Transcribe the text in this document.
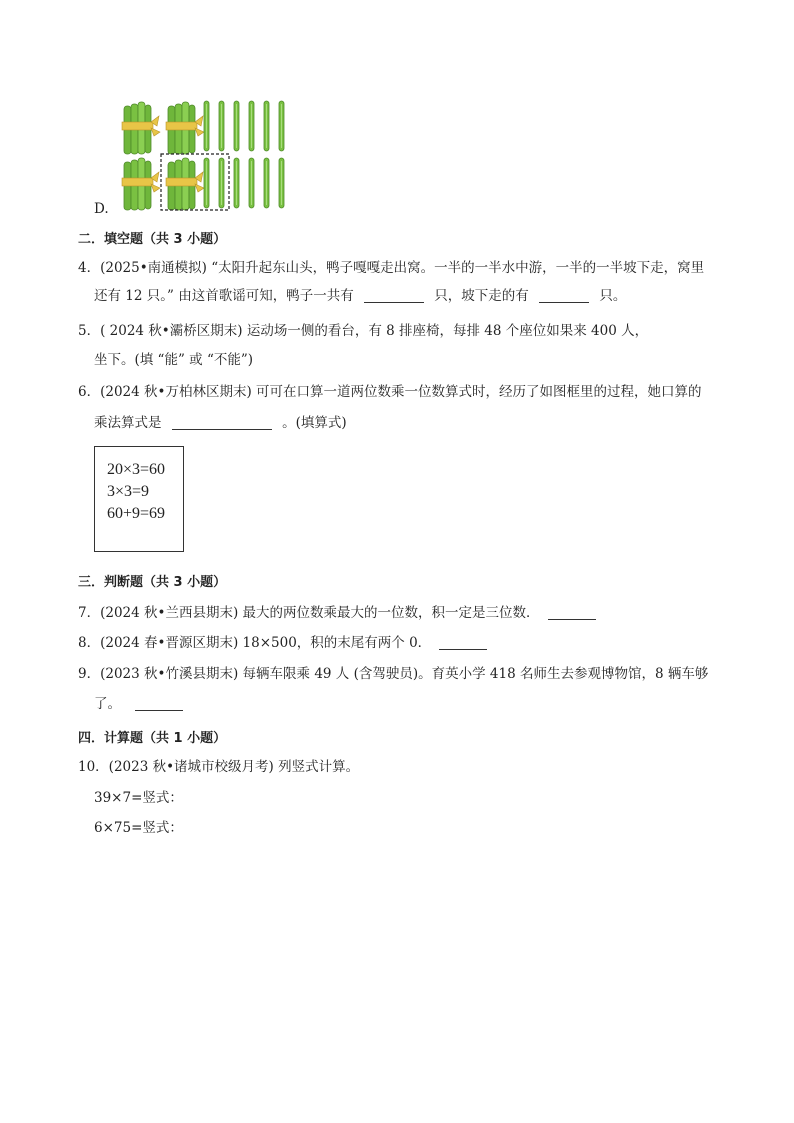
D.
二．填空题（共 3 小题）
4．(2025•南通模拟) “太阳升起东山头，鸭子嘎嘎走出窝。一半的一半水中游，一半的一半坡下走，窝里
还有 12 只。” 由这首歌谣可知，鸭子一共有	只，坡下走的有	只。
5．( 2024 秋•灞桥区期末) 运动场一侧的看台，有 8 排座椅，每排 48 个座位如果来 400 人，
坐下。(填 “能” 或 “不能”)
6．(2024 秋•万柏林区期末) 可可在口算一道两位数乘一位数算式时，经历了如图框里的过程，她口算的
乘法算式是	。(填算式)
20×3=60
3×3=9
60+9=69
三．判断题（共 3 小题）
7．(2024 秋•兰西县期末) 最大的两位数乘最大的一位数，积一定是三位数．
8．(2024 春•晋源区期末) 18×500，积的末尾有两个 0．
9．(2023 秋•竹溪县期末) 每辆车限乘 49 人 (含驾驶员)。育英小学 418 名师生去参观博物馆，8 辆车够
了。
四．计算题（共 1 小题）
10．(2023 秋•诸城市校级月考) 列竖式计算。
39×7=竖式：
6×75=竖式：
